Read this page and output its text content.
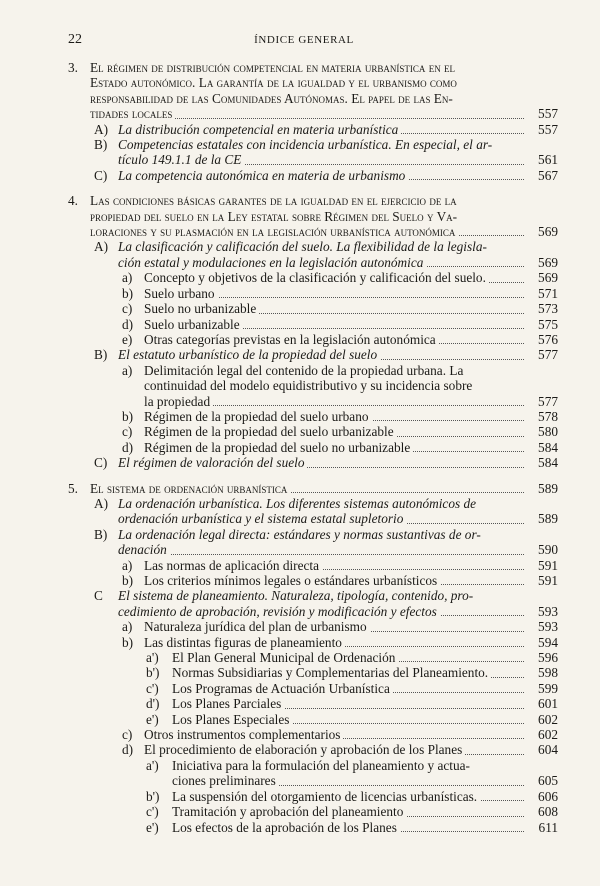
22	ÍNDICE GENERAL
3. El régimen de distribución competencial en materia urbanística en el
Estado autonómico. La garantía de la igualdad y el urbanismo como
responsabilidad de las Comunidades Autónomas. El papel de las En-
tidades locales	557
A) La distribución competencial en materia urbanística	557
B) Competencias estatales con incidencia urbanística. En especial, el ar-
tículo 149.1.1 de la CE	561
C) La competencia autonómica en materia de urbanismo	567
4. Las condiciones básicas garantes de la igualdad en el ejercicio de la
propiedad del suelo en la Ley estatal sobre Régimen del Suelo y Va-
loraciones y su plasmación en la legislación urbanística autonómica	569
A) La clasificación y calificación del suelo. La flexibilidad de la legisla-
ción estatal y modulaciones en la legislación autonómica	569
a) Concepto y objetivos de la clasificación y calificación del suelo.	569
b) Suelo urbano	571
c) Suelo no urbanizable	573
d) Suelo urbanizable	575
e) Otras categorías previstas en la legislación autonómica	576
B) El estatuto urbanístico de la propiedad del suelo	577
a) Delimitación legal del contenido de la propiedad urbana. La
continuidad del modelo equidistributivo y su incidencia sobre
la propiedad	577
b) Régimen de la propiedad del suelo urbano	578
c) Régimen de la propiedad del suelo urbanizable	580
d) Régimen de la propiedad del suelo no urbanizable	584
C) El régimen de valoración del suelo	584
5. El sistema de ordenación urbanística	589
A) La ordenación urbanística. Los diferentes sistemas autonómicos de
ordenación urbanística y el sistema estatal supletorio	589
B) La ordenación legal directa: estándares y normas sustantivas de or-
denación	590
a) Las normas de aplicación directa	591
b) Los criterios mínimos legales o estándares urbanísticos	591
C El sistema de planeamiento. Naturaleza, tipología, contenido, pro-
cedimiento de aprobación, revisión y modificación y efectos	593
a) Naturaleza jurídica del plan de urbanismo	593
b) Las distintas figuras de planeamiento	594
a') El Plan General Municipal de Ordenación	596
b') Normas Subsidiarias y Complementarias del Planeamiento.	598
c') Los Programas de Actuación Urbanística	599
d') Los Planes Parciales	601
e') Los Planes Especiales	602
c) Otros instrumentos complementarios	602
d) El procedimiento de elaboración y aprobación de los Planes	604
a') Iniciativa para la formulación del planeamiento y actua-
ciones preliminares	605
b') La suspensión del otorgamiento de licencias urbanísticas.	606
c') Tramitación y aprobación del planeamiento	608
e') Los efectos de la aprobación de los Planes	611
